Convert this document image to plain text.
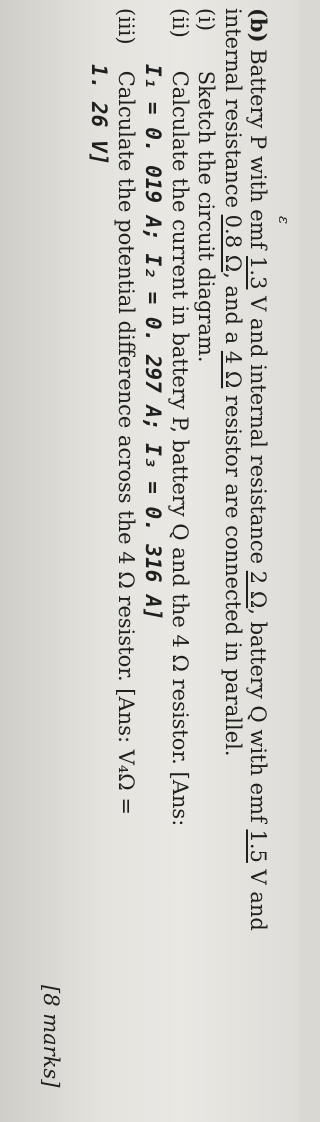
ε
(b) Battery P with emf 1.3 V and internal resistance 2 Ω, battery Q with emf 1.5 V and
internal resistance 0.8 Ω, and a 4 Ω resistor are connected in parallel.
(i) Sketch the circuit diagram.
(ii) Calculate the current in battery P, battery Q and the 4 Ω resistor. [Ans:
I₁ = 0. 019 A; I₂ = 0. 297 A; I₃ = 0. 316 A]
(iii) Calculate the potential difference across the 4 Ω resistor. [Ans: V₄Ω =
1. 26 V]
[8 marks]
